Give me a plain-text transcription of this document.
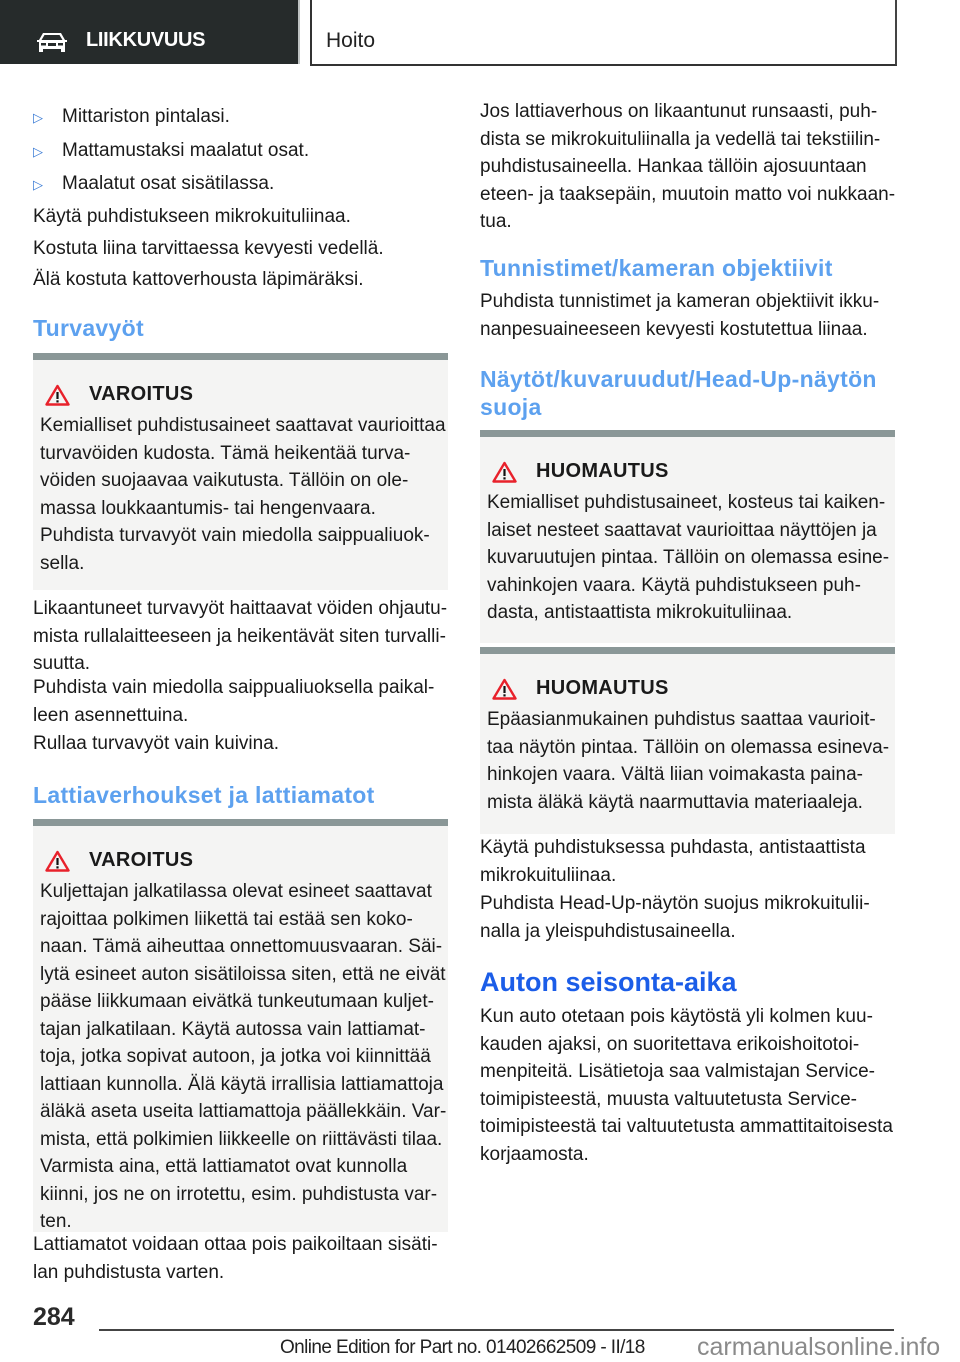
LIIKKUVUUS	Hoito
▷ Mittariston pintalasi.
▷ Mattamustaksi maalatut osat.
▷ Maalatut osat sisätilassa.

Käytä puhdistukseen mikrokuituliinaa.

Kostuta liina tarvittaessa kevyesti vedellä.

Älä kostuta kattoverhousta läpimäräksi.

Turvavyöt
VAROITUS
Kemialliset puhdistusaineet saattavat vaurioittaa turvavöiden kudosta. Tämä heikentää turvavöiden suojaavaa vaikutusta. Tällöin on olemassa loukkaantumis- tai hengenvaara. Puhdista turvavyöt vain miedolla saippualiuoksella.

Likaantuneet turvavyöt haittaavat vöiden ohjautumista rullalaitteeseen ja heikentävät siten turvallisuutta.

Puhdista vain miedolla saippualiuoksella paikalleen asennettuina.

Rullaa turvavyöt vain kuivina.

Lattiaverhoukset ja lattiamatot
VAROITUS
Kuljettajan jalkatilassa olevat esineet saattavat rajoittaa polkimen liikettä tai estää sen kokonaan. Tämä aiheuttaa onnettomuusvaaran. Säilytä esineet auton sisätiloissa siten, että ne eivät pääse liikkumaan eivätkä tunkeutumaan kuljettajan jalkatilaan. Käytä autossa vain lattiamattoja, jotka sopivat autoon, ja jotka voi kiinnittää lattiaan kunnolla. Älä käytä irrallisia lattiamattoja äläkä aseta useita lattiamattoja päällekkäin. Varmista, että polkimien liikkeelle on riittävästi tilaa. Varmista aina, että lattiamatot ovat kunnolla kiinni, jos ne on irrotettu, esim. puhdistusta varten.

Lattiamatot voidaan ottaa pois paikoiltaan sisätilan puhdistusta varten.

Jos lattiaverhous on likaantunut runsaasti, puhdista se mikrokuituliinalla ja vedellä tai tekstiilinpuhdistusaineella. Hankaa tällöin ajosuuntaan eteen- ja taaksepäin, muutoin matto voi nukkaantua.

Tunnistimet/kameran objektiivit

Puhdista tunnistimet ja kameran objektiivit ikkunanpesuaineeseen kevyesti kostutettua liinaa.

Näytöt/kuvaruudut/Head-Up-näytön suoja
HUOMAUTUS
Kemialliset puhdistusaineet, kosteus tai kaikenlaiset nesteet saattavat vaurioittaa näyttöjen ja kuvaruutujen pintaa. Tällöin on olemassa esinevahinkojen vaara. Käytä puhdistukseen puhdasta, antistaattista mikrokuituliinaa.
HUOMAUTUS
Epäasianmukainen puhdistus saattaa vaurioittaa näytön pintaa. Tällöin on olemassa esinevahinkojen vaara. Vältä liian voimakasta painamista äläkä käytä naarmuttavia materiaaleja.

Käytä puhdistuksessa puhdasta, antistaattista mikrokuituliinaa.

Puhdista Head-Up-näytön suojus mikrokuituliinalla ja yleispuhdistusaineella.

Auton seisonta-aika

Kun auto otetaan pois käytöstä yli kolmen kuukauden ajaksi, on suoritettava erikoishoitotoimenpiteitä. Lisätietoja saa valmistajan Service-toimipisteestä, muusta valtuutetusta Service-toimipisteestä tai valtuutetusta ammattitaitoisesta korjaamosta.

284
Online Edition for Part no. 01402662509 - II/18 carmanualsonline.info
